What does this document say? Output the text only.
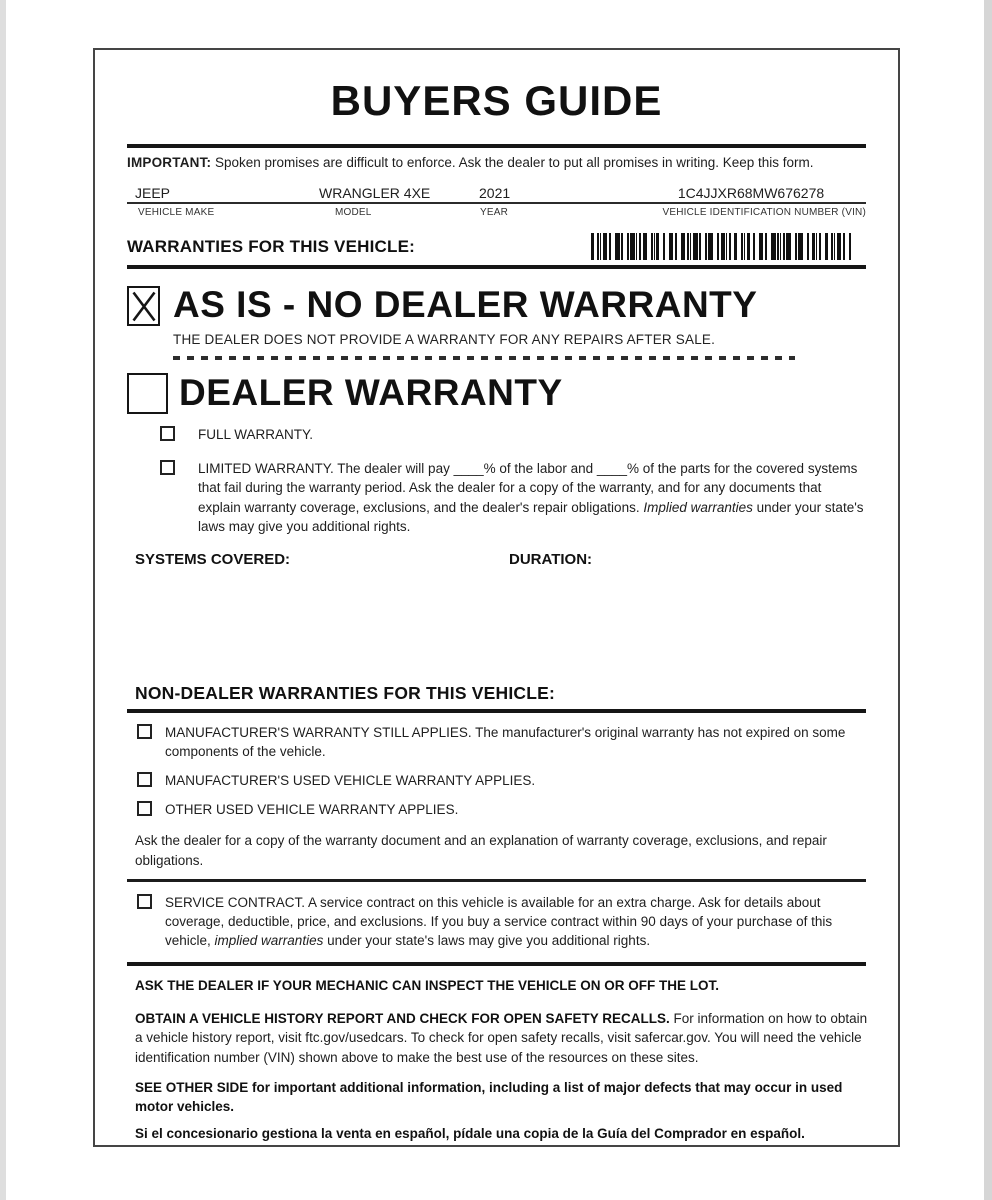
BUYERS GUIDE
IMPORTANT: Spoken promises are difficult to enforce. Ask the dealer to put all promises in writing. Keep this form.
JEEP	WRANGLER 4XE	2021	1C4JJXR68MW676278
VEHICLE MAKE	MODEL	YEAR	VEHICLE IDENTIFICATION NUMBER (VIN)
WARRANTIES FOR THIS VEHICLE:
AS IS - NO DEALER WARRANTY
THE DEALER DOES NOT PROVIDE A WARRANTY FOR ANY REPAIRS AFTER SALE.
DEALER WARRANTY
FULL WARRANTY.
LIMITED WARRANTY. The dealer will pay ____% of the labor and ____% of the parts for the covered systems that fail during the warranty period. Ask the dealer for a copy of the warranty, and for any documents that explain warranty coverage, exclusions, and the dealer's repair obligations. Implied warranties under your state's laws may give you additional rights.
SYSTEMS COVERED:	DURATION:
NON-DEALER WARRANTIES FOR THIS VEHICLE:
MANUFACTURER'S WARRANTY STILL APPLIES. The manufacturer's original warranty has not expired on some components of the vehicle.
MANUFACTURER'S USED VEHICLE WARRANTY APPLIES.
OTHER USED VEHICLE WARRANTY APPLIES.
Ask the dealer for a copy of the warranty document and an explanation of warranty coverage, exclusions, and repair obligations.
SERVICE CONTRACT. A service contract on this vehicle is available for an extra charge. Ask for details about coverage, deductible, price, and exclusions. If you buy a service contract within 90 days of your purchase of this vehicle, implied warranties under your state's laws may give you additional rights.
ASK THE DEALER IF YOUR MECHANIC CAN INSPECT THE VEHICLE ON OR OFF THE LOT.
OBTAIN A VEHICLE HISTORY REPORT AND CHECK FOR OPEN SAFETY RECALLS. For information on how to obtain a vehicle history report, visit ftc.gov/usedcars. To check for open safety recalls, visit safercar.gov. You will need the vehicle identification number (VIN) shown above to make the best use of the resources on these sites.
SEE OTHER SIDE for important additional information, including a list of major defects that may occur in used motor vehicles.
Si el concesionario gestiona la venta en español, pídale una copia de la Guía del Comprador en español.
